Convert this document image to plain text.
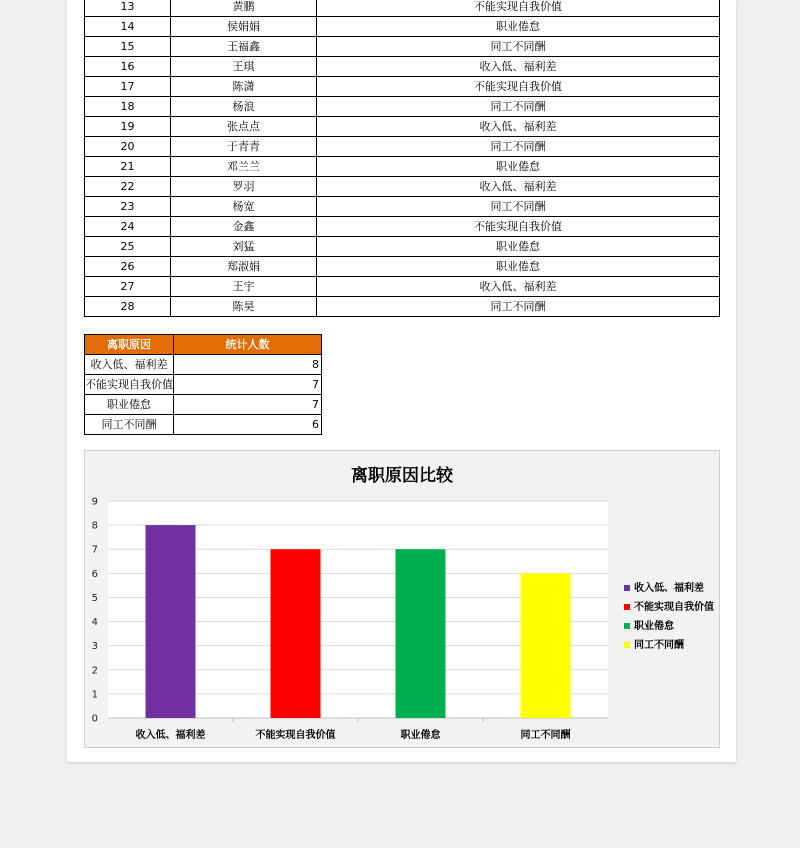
13	黄鹏	不能实现自我价值
14	侯娟娟	职业倦怠
15	王福鑫	同工不同酬
16	王琪	收入低、福利差
17	陈潇	不能实现自我价值
18	杨浪	同工不同酬
19	张点点	收入低、福利差
20	于青青	同工不同酬
21	邓兰兰	职业倦怠
22	罗羽	收入低、福利差
23	杨宽	同工不同酬
24	金鑫	不能实现自我价值
25	刘猛	职业倦怠
26	郑淑娟	职业倦怠
27	王宇	收入低、福利差
28	陈昊	同工不同酬
离职原因	统计人数
收入低、福利差	8
不能实现自我价值	7
职业倦怠	7
同工不同酬	6
离职原因比较
0
1
2
3
4
5
6
7
8
9
收入低、福利差	不能实现自我价值	职业倦怠	同工不同酬
收入低、福利差
不能实现自我价值
职业倦怠
同工不同酬
